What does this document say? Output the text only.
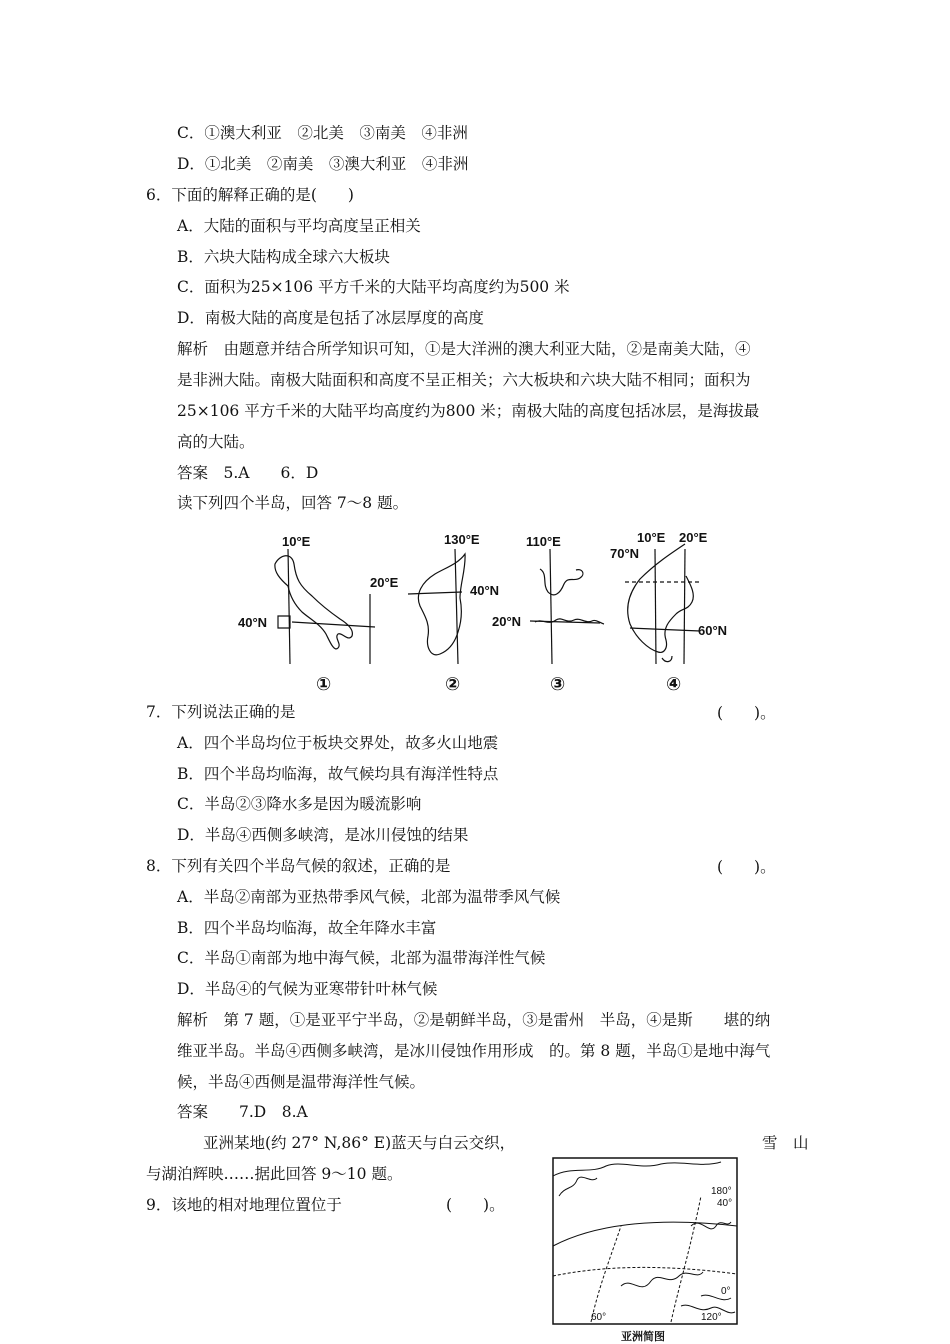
C．①澳大利亚　②北美　③南美　④非洲
D．①北美　②南美　③澳大利亚　④非洲
6．下面的解释正确的是(　　)
A．大陆的面积与平均高度呈正相关
B．六块大陆构成全球六大板块
C．面积为25×106 平方千米的大陆平均高度约为500 米
D．南极大陆的高度是包括了冰层厚度的高度
解析　由题意并结合所学知识可知，①是大洋洲的澳大利亚大陆，②是南美大陆，④
是非洲大陆。南极大陆面积和高度不呈正相关；六大板块和六块大陆不相同；面积为
25×106 平方千米的大陆平均高度约为800 米；南极大陆的高度包括冰层，是海拔最
高的大陆。
答案　5.A　　6．D
读下列四个半岛，回答 7～8 题。
10°E
40°N
130°E
20°E
40°N
110°E
20°N
10°E 20°E
70°N
60°N
①	②	③	④
7．下列说法正确的是	(　　)。
A．四个半岛均位于板块交界处，故多火山地震
B．四个半岛均临海，故气候均具有海洋性特点
C．半岛②③降水多是因为暖流影响
D．半岛④西侧多峡湾，是冰川侵蚀的结果
8．下列有关四个半岛气候的叙述，正确的是	(　　)。
A．半岛②南部为亚热带季风气候，北部为温带季风气候
B．四个半岛均临海，故全年降水丰富
C．半岛①南部为地中海气候，北部为温带海洋性气候
D．半岛④的气候为亚寒带针叶林气候
解析　第 7 题，①是亚平宁半岛，②是朝鲜半岛，③是雷州　半岛，④是斯　　堪的纳
维亚半岛。半岛④西侧多峡湾，是冰川侵蚀作用形成　的。第 8 题，半岛①是地中海气
候，半岛④西侧是温带海洋性气候。
答案　　7.D　8.A
亚洲某地(约 27° N,86° E)蓝天与白云交织，	雪　山
与湖泊辉映……据此回答 9～10 题。
9．该地的相对地理位置位于	(　　)。
180°
40°
0°
60°	120°
亚洲简图
